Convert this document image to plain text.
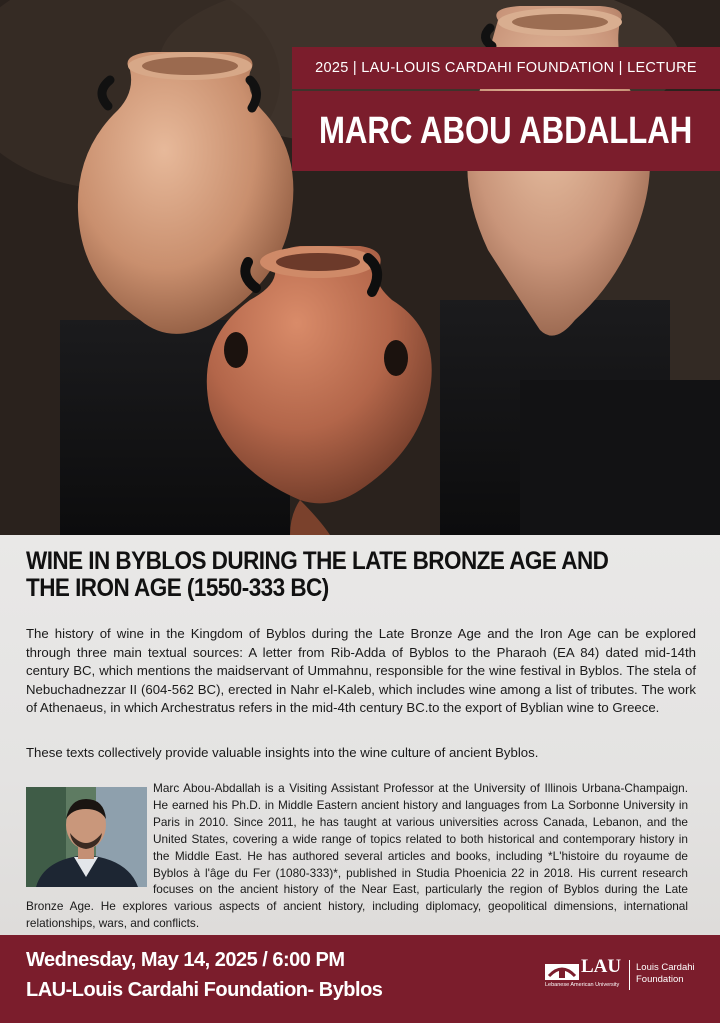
2025 | LAU-LOUIS CARDAHI FOUNDATION | LECTURE
MARC ABOU ABDALLAH
WINE IN BYBLOS DURING THE LATE BRONZE AGE AND
THE IRON AGE (1550-333 BC)

The history of wine in the Kingdom of Byblos during the Late Bronze Age and the Iron Age can be explored through three main textual sources: A letter from Rib-Adda of Byblos to the Pharaoh (EA 84) dated mid-14th century BC, which mentions the maidservant of Ummahnu, responsible for the wine festival in Byblos. The stela of Nebuchadnezzar II (604-562 BC), erected in Nahr el-Kaleb, which includes wine among a list of tributes. The work of Athenaeus, in which Archestratus refers in the mid-4th century BC.to the export of Byblian wine to Greece.

These texts collectively provide valuable insights into the wine culture of ancient Byblos.

Marc Abou-Abdallah is a Visiting Assistant Professor at the University of Illinois Urbana-Champaign. He earned his Ph.D. in Middle Eastern ancient history and languages from La Sorbonne University in Paris in 2010. Since 2011, he has taught at various universities across Canada, Lebanon, and the United States, covering a wide range of topics related to both historical and contemporary history in the Middle East. He has authored several articles and books, including *L'histoire du royaume de Byblos à l'âge du Fer (1080-333)*, published in Studia Phoenicia 22 in 2018. His current research focuses on the ancient history of the Near East, particularly the region of Byblos during the Late Bronze Age. He explores various aspects of ancient history, including diplomacy, geopolitical dimensions, international relationships, wars, and conflicts.

Wednesday, May 14, 2025 / 6:00 PM
LAU-Louis Cardahi Foundation- Byblos
LAU
Lebanese American University
Louis Cardahi
Foundation
